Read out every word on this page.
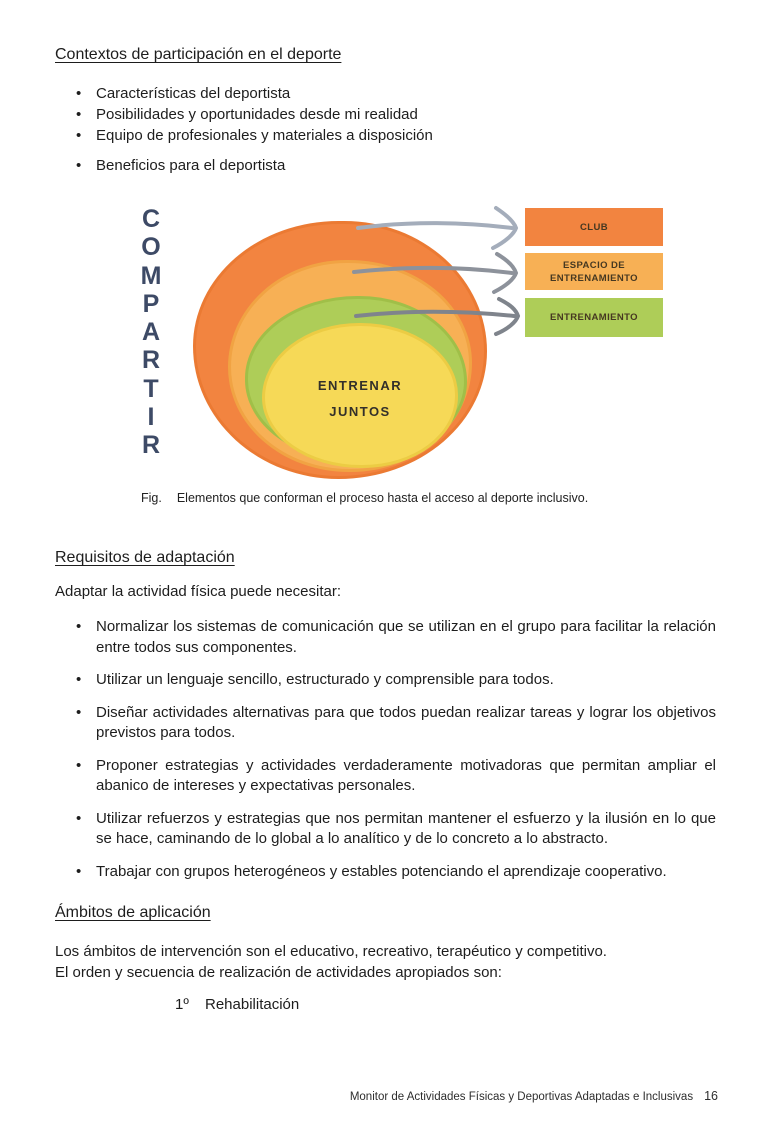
Contextos de participación en el deporte
• Características del deportista
• Posibilidades y oportunidades desde mi realidad
• Equipo de profesionales y materiales a disposición
• Beneficios para el deportista
C
O
M
P
A
R
T
I
R
ENTRENAR
JUNTOS
CLUB
ESPACIO DE ENTRENAMIENTO
ENTRENAMIENTO
Fig. Elementos que conforman el proceso hasta el acceso al deporte inclusivo.
Requisitos de adaptación

Adaptar la actividad física puede necesitar:

• Normalizar los sistemas de comunicación que se utilizan en el grupo para facilitar la relación entre todos sus componentes.
• Utilizar un lenguaje sencillo, estructurado y comprensible para todos.
• Diseñar actividades alternativas para que todos puedan realizar tareas y lograr los objetivos previstos para todos.
• Proponer estrategias y actividades verdaderamente motivadoras que permitan ampliar el abanico de intereses y expectativas personales.
• Utilizar refuerzos y estrategias que nos permitan mantener el esfuerzo y la ilusión en lo que se hace, caminando de lo global a lo analítico y de lo concreto a lo abstracto.
• Trabajar con grupos heterogéneos y estables potenciando el aprendizaje cooperativo.
Ámbitos de aplicación

Los ámbitos de intervención son el educativo, recreativo, terapéutico y competitivo.

El orden y secuencia de realización de actividades apropiados son:

1º Rehabilitación

Monitor de Actividades Físicas y Deportivas Adaptadas e Inclusivas 16
